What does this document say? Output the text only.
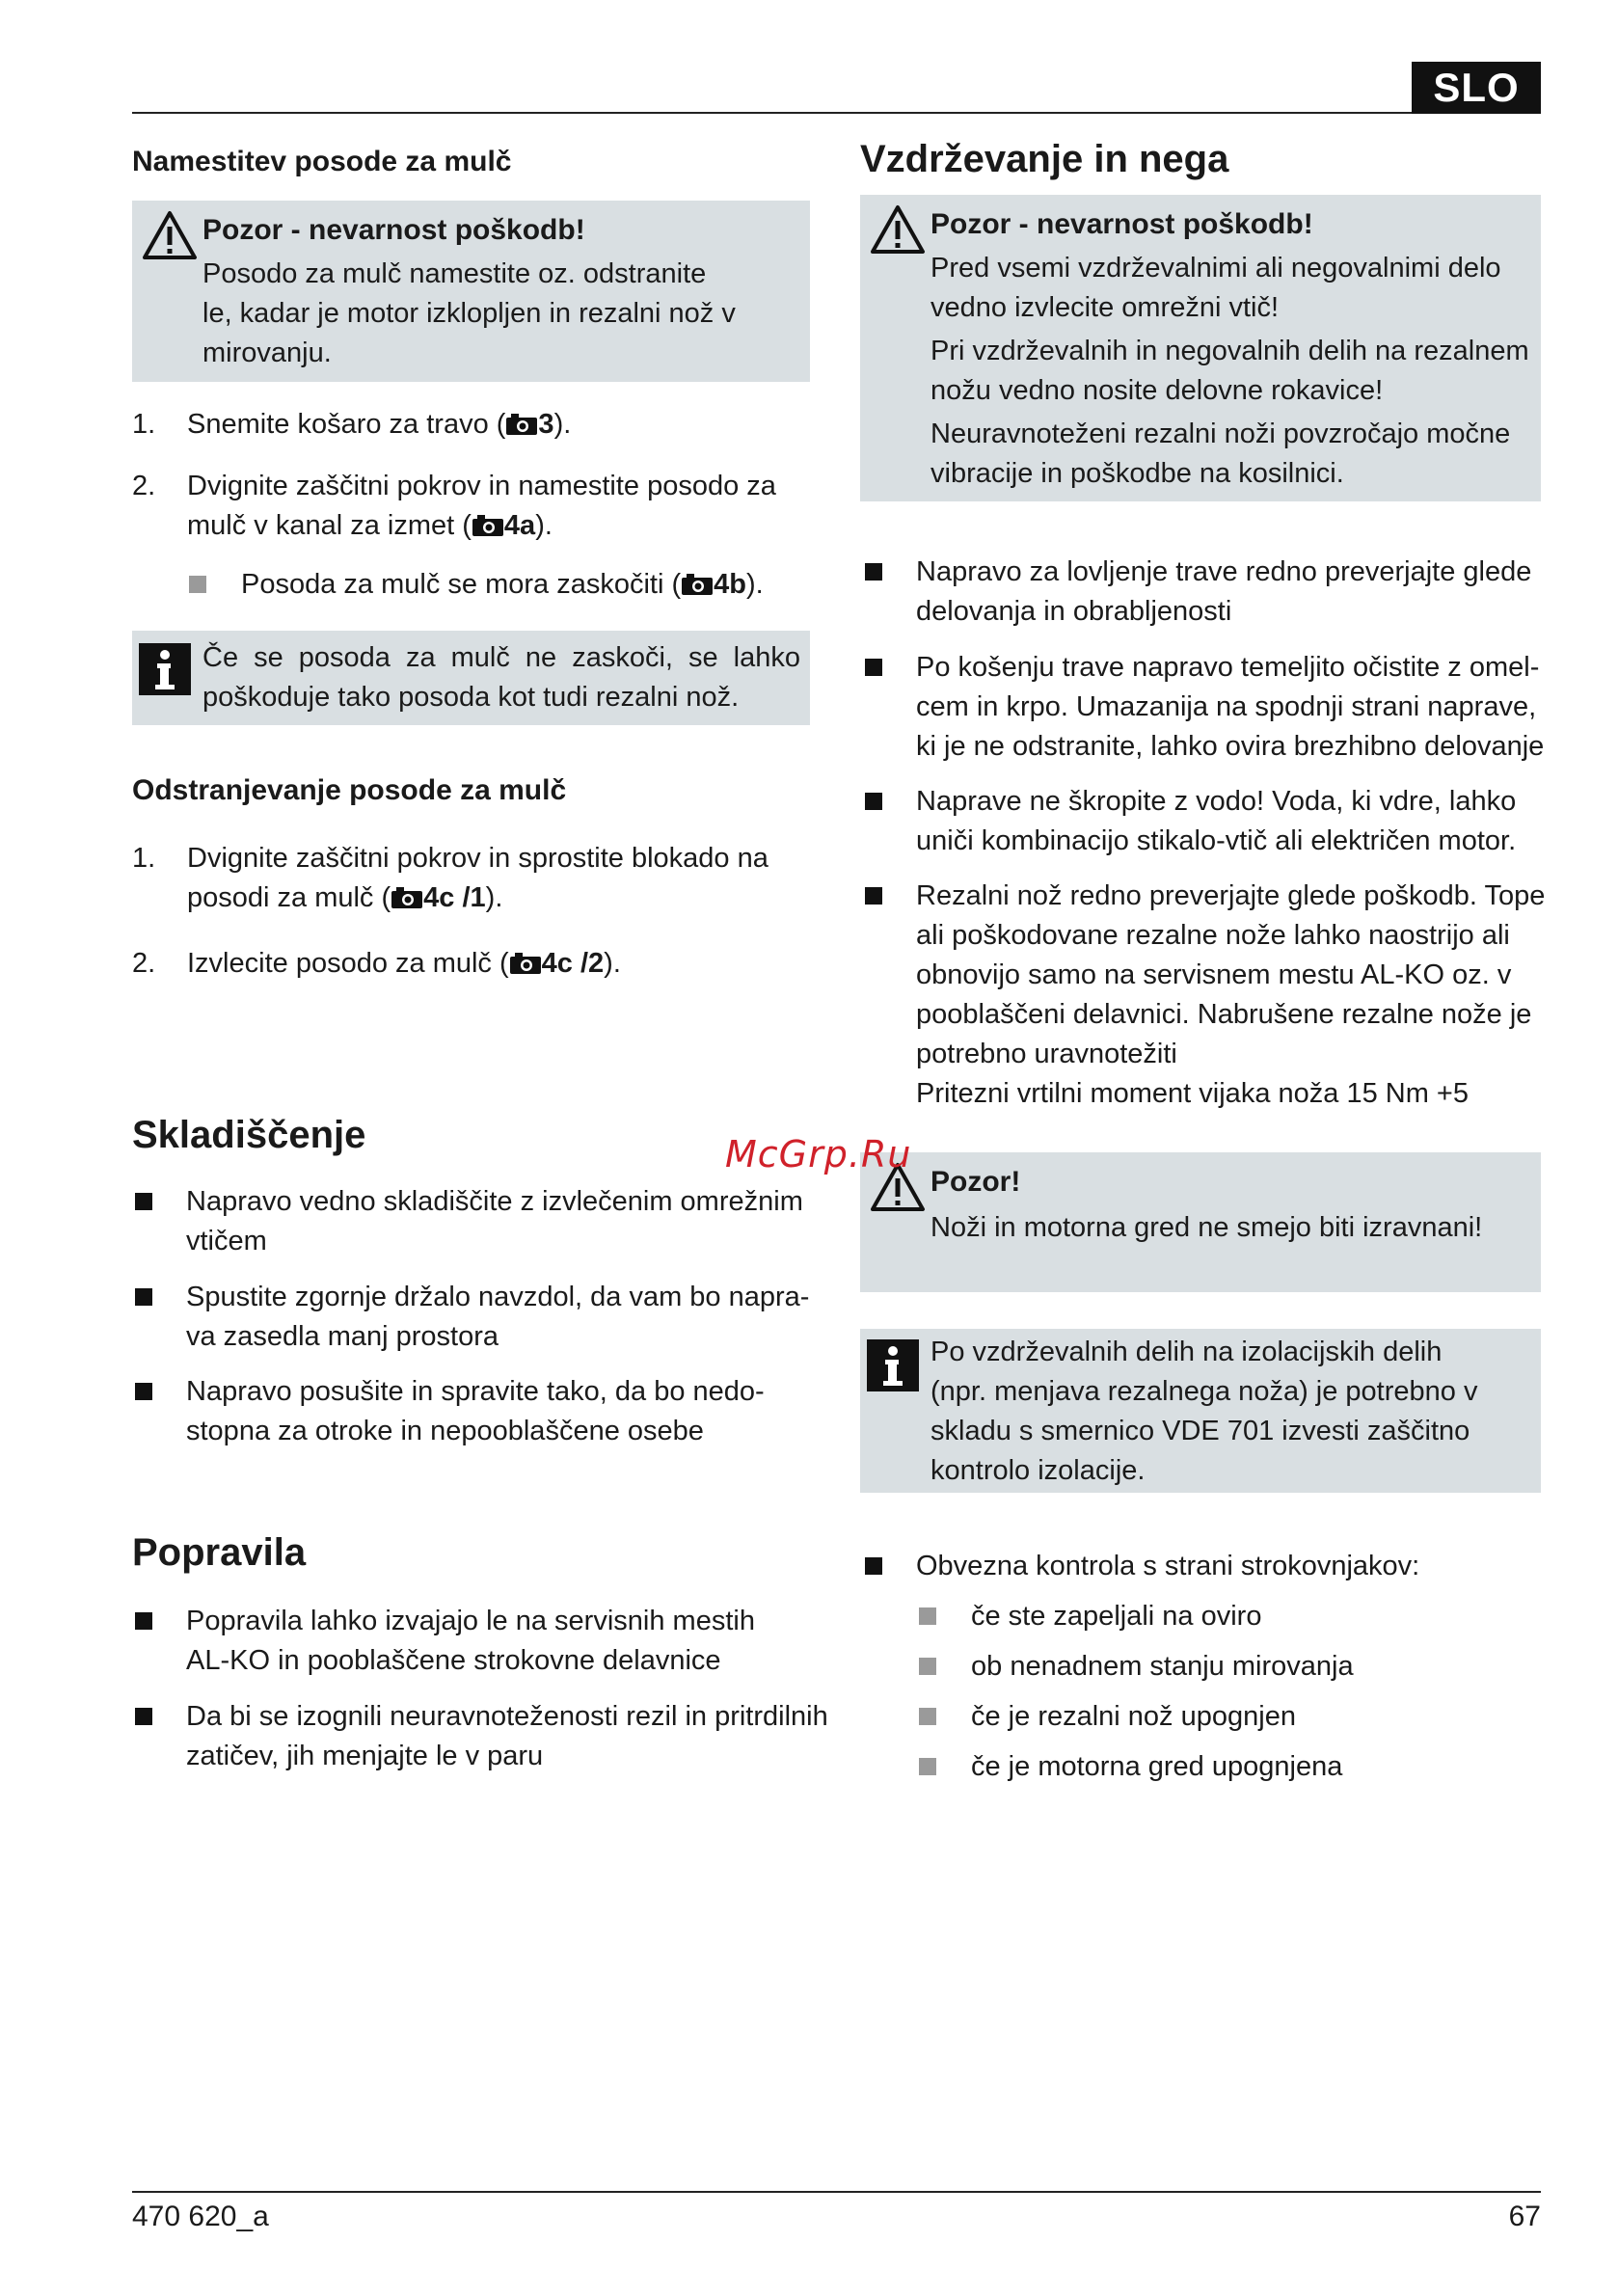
SLO
Namestitev posode za mulč
Pozor - nevarnost poškodb!

Posodo za mulč namestite oz. odstranite

le, kadar je motor izklopljen in rezalni nož v

mirovanju.

1.	Snemite košaro za travo ( 3).
2.	Dvignite zaščitni pokrov in namestite posodo za
mulč v kanal za izmet ( 4a).
Posoda za mulč se mora zaskočiti ( 4b).

Če se posoda za mulč ne zaskoči, se lahko

poškoduje tako posoda kot tudi rezalni nož.

Odstranjevanje posode za mulč
1.	Dvignite zaščitni pokrov in sprostite blokado na
posodi za mulč ( 4c /1).
2.	Izvlecite posodo za mulč ( 4c /2).
Skladiščenje
Napravo vedno skladiščite z izvlečenim omrežnim
vtičem
Spustite zgornje držalo navzdol, da vam bo napra-
va zasedla manj prostora
Napravo posušite in spravite tako, da bo nedo-
stopna za otroke in nepooblaščene osebe
Popravila
Popravila lahko izvajajo le na servisnih mestih
AL-KO in pooblaščene strokovne delavnice
Da bi se izognili neuravnoteženosti rezil in pritrdilnih
zatičev, jih menjajte le v paru
Vzdrževanje in nega
Pozor - nevarnost poškodb!

Pred vsemi vzdrževalnimi ali negovalnimi delo

vedno izvlecite omrežni vtič!

Pri vzdrževalnih in negovalnih delih na rezalnem

nožu vedno nosite delovne rokavice!

Neuravnoteženi rezalni noži povzročajo močne

vibracije in poškodbe na kosilnici.

Napravo za lovljenje trave redno preverjajte glede
delovanja in obrabljenosti
Po košenju trave napravo temeljito očistite z omel-
cem in krpo. Umazanija na spodnji strani naprave,
ki je ne odstranite, lahko ovira brezhibno delovanje
Naprave ne škropite z vodo! Voda, ki vdre, lahko
uniči kombinacijo stikalo-vtič ali električen motor.
Rezalni nož redno preverjajte glede poškodb. Tope
ali poškodovane rezalne nože lahko naostrijo ali
obnovijo samo na servisnem mestu AL-KO oz. v
pooblaščeni delavnici. Nabrušene rezalne nože je
potrebno uravnotežiti
Pritezni vrtilni moment vijaka noža 15 Nm +5
Pozor!
Noži in motorna gred ne smejo biti izravnani!

Po vzdrževalnih delih na izolacijskih delih

(npr. menjava rezalnega noža) je potrebno v

skladu s smernico VDE 701 izvesti zaščitno

kontrolo izolacije.

Obvezna kontrola s strani strokovnjakov:
če ste zapeljali na oviro
ob nenadnem stanju mirovanja
če je rezalni nož upognjen
če je motorna gred upognjena
McGrp.Ru
470 620_a	67
